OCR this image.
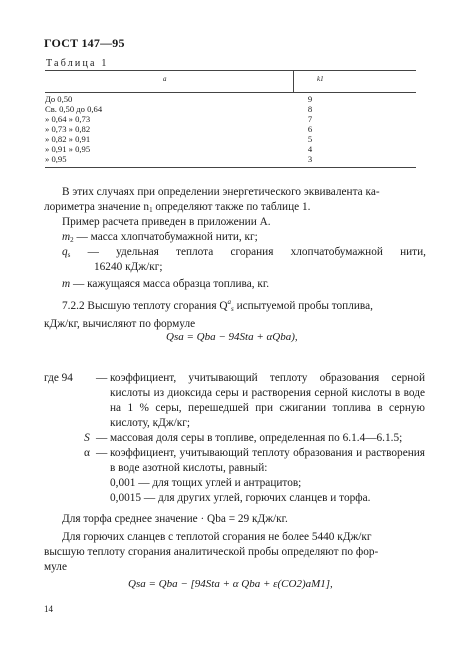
ГОСТ 147—95
Таблица 1
a	k1
До 0,50	9
Св. 0,50 до 0,64	8
» 0,64 » 0,73	7
» 0,73 » 0,82	6
» 0,82 » 0,91	5
» 0,91 » 0,95	4
» 0,95	3
В этих случаях при определении энергетического эквивалента ка-
лориметра значение $n_1$ определяют также по таблице 1.
Пример расчета приведен в приложении А.
$m_2$ — масса хлопчатобумажной нити, кг;
$q_s$ — удельная теплота сгорания хлопчатобумажной нити,
16240 кДж/кг;
m — кажущаяся масса образца топлива, кг.
7.2.2 Высшую теплоту сгорания $Q^a_s$ испытуемой пробы топлива,
кДж/кг, вычисляют по формуле
Qsa = Qba − 94Sta + αQba),
где 94	— коэффициент, учитывающий теплоту образования серной кислоты из диоксида серы и растворения серной кислоты в воде на 1 % серы, перешедшей при сжигании топлива в серную кислоту, кДж/кг;
S — массовая доля серы в топливе, определенная по 6.1.4—6.1.5;
α — коэффициент, учитывающий теплоту образования и растворения в воде азотной кислоты, равный:
0,001 — для тощих углей и антрацитов;
0,0015 — для других углей, горючих сланцев и торфа.
Для торфа среднее значение · Qba = 29 кДж/кг.
Для горючих сланцев с теплотой сгорания не более 5440 кДж/кг
высшую теплоту сгорания аналитической пробы определяют по фор-
муле
Qsa = Qba − [94Sta + α Qba + ε(CO2)aM1],
14
